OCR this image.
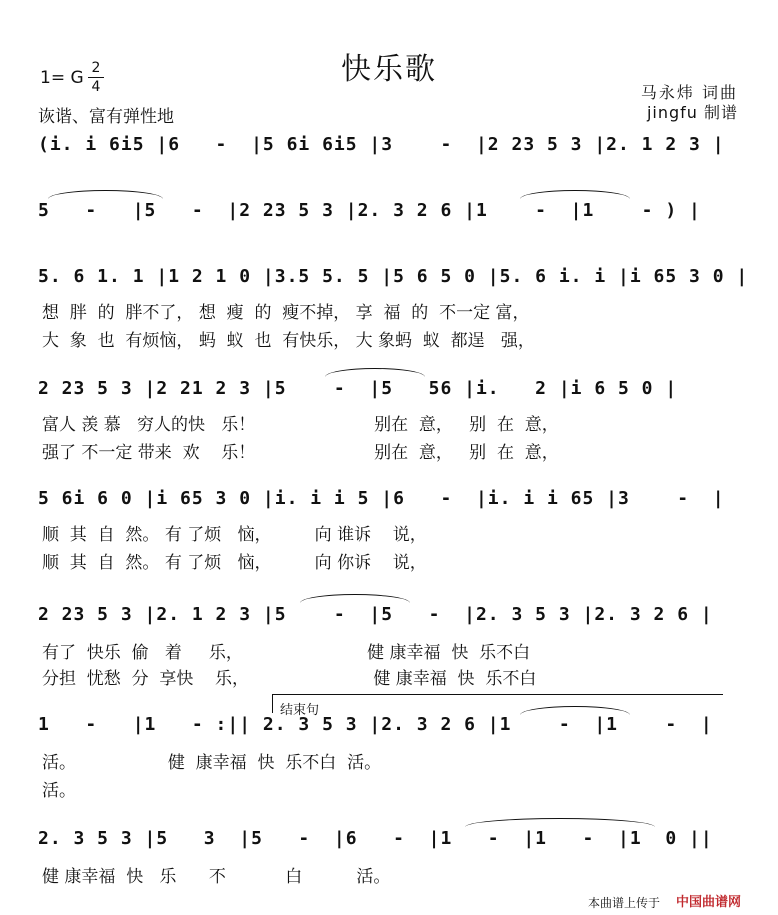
快乐歌
1= G 2
4
诙谐、富有弹性地
马永炜 词曲
jingfu 制谱
(i. i 6i5 |6   -  |5 6i 6i5 |3    -  |2 23 5 3 |2. 1 2 3 |
5   -   |5   -  |2 23 5 3 |2. 3 2 6 |1    -  |1    - ) |
5. 6 1. 1 |1 2 1 0 |3.5 5. 5 |5 6 5 0 |5. 6 i. i |i 65 3 0 |
想  胖  的  胖不了， 想  瘦  的  瘦不掉， 享  福  的  不一定 富，
大  象  也  有烦恼， 蚂  蚁  也  有快乐， 大 象蚂  蚁  都逞   强，
2 23 5 3 |2 21 2 3 |5    -  |5   56 |i.   2 |i 6 5 0 |
富人 羡 慕   穷人的快   乐！                      别在  意，   别  在  意，
强了 不一定 带来  欢    乐！                      别在  意，   别  在  意，
5 6i 6 0 |i 65 3 0 |i. i i 5 |6   -  |i. i i 65 |3    -  |
顺  其  自  然。 有 了烦   恼，        向 谁诉    说，
顺  其  自  然。 有 了烦   恼，        向 你诉    说，
2 23 5 3 |2. 1 2 3 |5    -  |5   -  |2. 3 5 3 |2. 3 2 6 |
有了  快乐  偷   着     乐，                       健 康幸福  快  乐不白
分担  忧愁  分  享快    乐，                       健 康幸福  快  乐不白
结束句
1   -   |1   - :|| 2. 3 5 3 |2. 3 2 6 |1    -  |1    -  |
活。                 健  康幸福  快  乐不白  活。
活。
2. 3 5 3 |5   3  |5   -  |6   -  |1   -  |1   -  |1  0 ||
健 康幸福  快   乐      不           白          活。
本曲谱上传于 中国曲谱网
